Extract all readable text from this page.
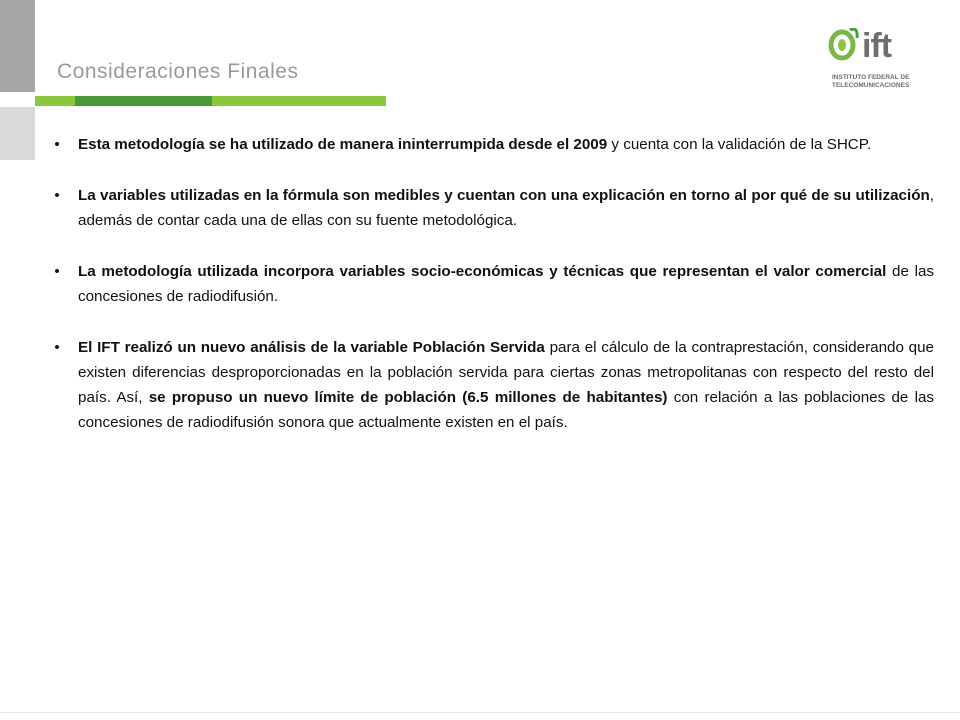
Consideraciones Finales
ift
INSTITUTO FEDERAL DE
TELECOMUNICACIONES
• Esta metodología se ha utilizado de manera ininterrumpida desde el 2009 y cuenta con la validación de la SHCP.
• La variables utilizadas en la fórmula son medibles y cuentan con una explicación en torno al por qué de su utilización, además de contar cada una de ellas con su fuente metodológica.
• La metodología utilizada incorpora variables socio-económicas y técnicas que representan el valor comercial de las concesiones de radiodifusión.
• El IFT realizó un nuevo análisis de la variable Población Servida para el cálculo de la contraprestación, considerando que existen diferencias desproporcionadas en la población servida para ciertas zonas metropolitanas con respecto del resto del país. Así, se propuso un nuevo límite de población (6.5 millones de habitantes) con relación a las poblaciones de las concesiones de radiodifusión sonora que actualmente existen en el país.
